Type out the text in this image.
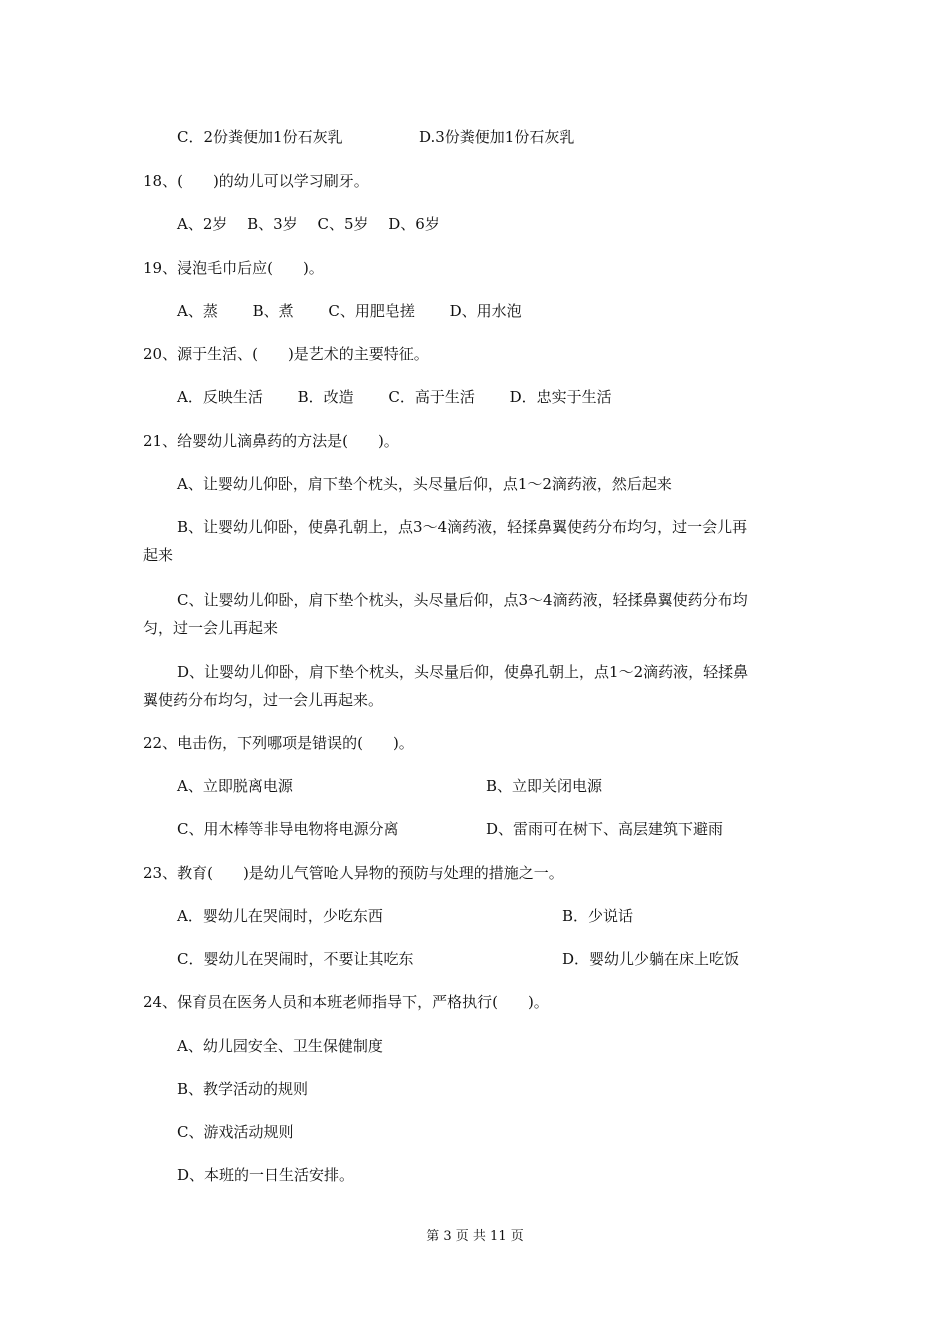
C．2份粪便加1份石灰乳	D.3份粪便加1份石灰乳
18、(　　)的幼儿可以学习刷牙。
A、2岁　 B、3岁　 C、5岁　 D、6岁
19、浸泡毛巾后应(　　)。
A、蒸　　 B、煮　　 C、用肥皂搓　　 D、用水泡
20、源于生活、(　　)是艺术的主要特征。
A．反映生活　　 B．改造　　 C．高于生活　　 D．忠实于生活
21、给婴幼儿滴鼻药的方法是(　　)。
A、让婴幼儿仰卧，肩下垫个枕头，头尽量后仰，点1～2滴药液，然后起来
B、让婴幼儿仰卧，使鼻孔朝上，点3～4滴药液，轻揉鼻翼使药分布均匀，过一会儿再
起来
C、让婴幼儿仰卧，肩下垫个枕头，头尽量后仰，点3～4滴药液，轻揉鼻翼使药分布均
匀，过一会儿再起来
D、让婴幼儿仰卧，肩下垫个枕头，头尽量后仰，使鼻孔朝上，点1～2滴药液，轻揉鼻
翼使药分布均匀，过一会儿再起来。
22、电击伤，下列哪项是错误的(　　)。
A、立即脱离电源	B、立即关闭电源
C、用木棒等非导电物将电源分离	D、雷雨可在树下、高层建筑下避雨
23、教育(　　)是幼儿气管呛人异物的预防与处理的措施之一。
A．婴幼儿在哭闹时，少吃东西	B．少说话
C．婴幼儿在哭闹时，不要让其吃东	D．婴幼儿少躺在床上吃饭
24、保育员在医务人员和本班老师指导下，严格执行(　　)。
A、幼儿园安全、卫生保健制度
B、教学活动的规则
C、游戏活动规则
D、本班的一日生活安排。
第 3 页 共 11 页
